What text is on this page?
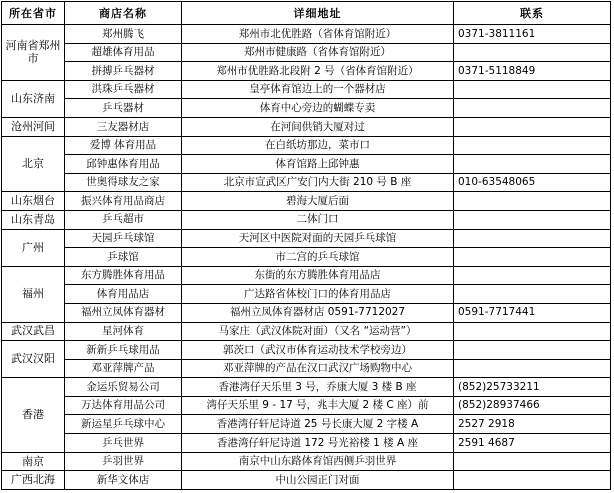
所在省市	商店名称	详细地址	联系
河南省郑州市	郑州腾飞	郑州市北优胜路（省体育馆附近）	0371-3811161
	超雄体育用品	郑州市健康路（省体育馆附近）	
	拼搏乒乓器材	郑州市优胜路北段附 2 号（省体育馆附近）	0371-5118849
山东济南	洪珠乒乓器材	皇亭体育馆边上的一个器材店	
	乒乓器材	体育中心旁边的蝴蝶专卖	
沧州河间	三友器材店	在河间供销大厦对过	
北京	爱博 体育用品	在白纸坊那边，菜市口	
	邱钟惠体育用品	体育馆路上邱钟惠	
	世奥得球友之家	北京市宣武区广安门内大街 210 号 B 座	010-63548065
山东烟台	振兴体育用品商店	碧海大厦后面	
山东青岛	乒乓超市	二体门口	
广州	天园乒乓球馆	天河区中医院对面的天园乒乓球馆	
	乒球馆	市二宫的乒乓球馆	
福州	东方腾胜体育用品	东街的东方腾胜体育用品店	
	体育用品店	广达路省体校门口的体育用品店	
	福州立凤体育器材	福州立凤体育器材店 0591-7712027	0591-7717441
武汉武昌	星河体育	马家庄（武汉体院对面）（又名 “运动营”）	
武汉汉阳	新新乒乓球用品	郭茨口（武汉市体育运动技术学校旁边）	
	邓亚萍牌产品	邓亚萍牌的产品在汉口武汉广场购物中心	
香港	金运乐贸易公司	香港湾仔天乐里 3 号，乔康大厦 3 楼 B 座	(852)25733211
	万达体育用品公司	湾仔天乐里 9 - 17 号，兆丰大厦 2 楼 C 座）前	(852)28937466
	新运星乒乓球中心	香港湾仔轩尼诗道 25 号长康大厦 2 字楼 A	2527 2918
	乒乓世界	香港湾仔轩尼诗道 172 号光裕楼 1 楼 A 座	2591 4687
南京	乒羽世界	南京中山东路体育馆西侧乒羽世界	
广西北海	新华文体店	中山公园正门对面	
